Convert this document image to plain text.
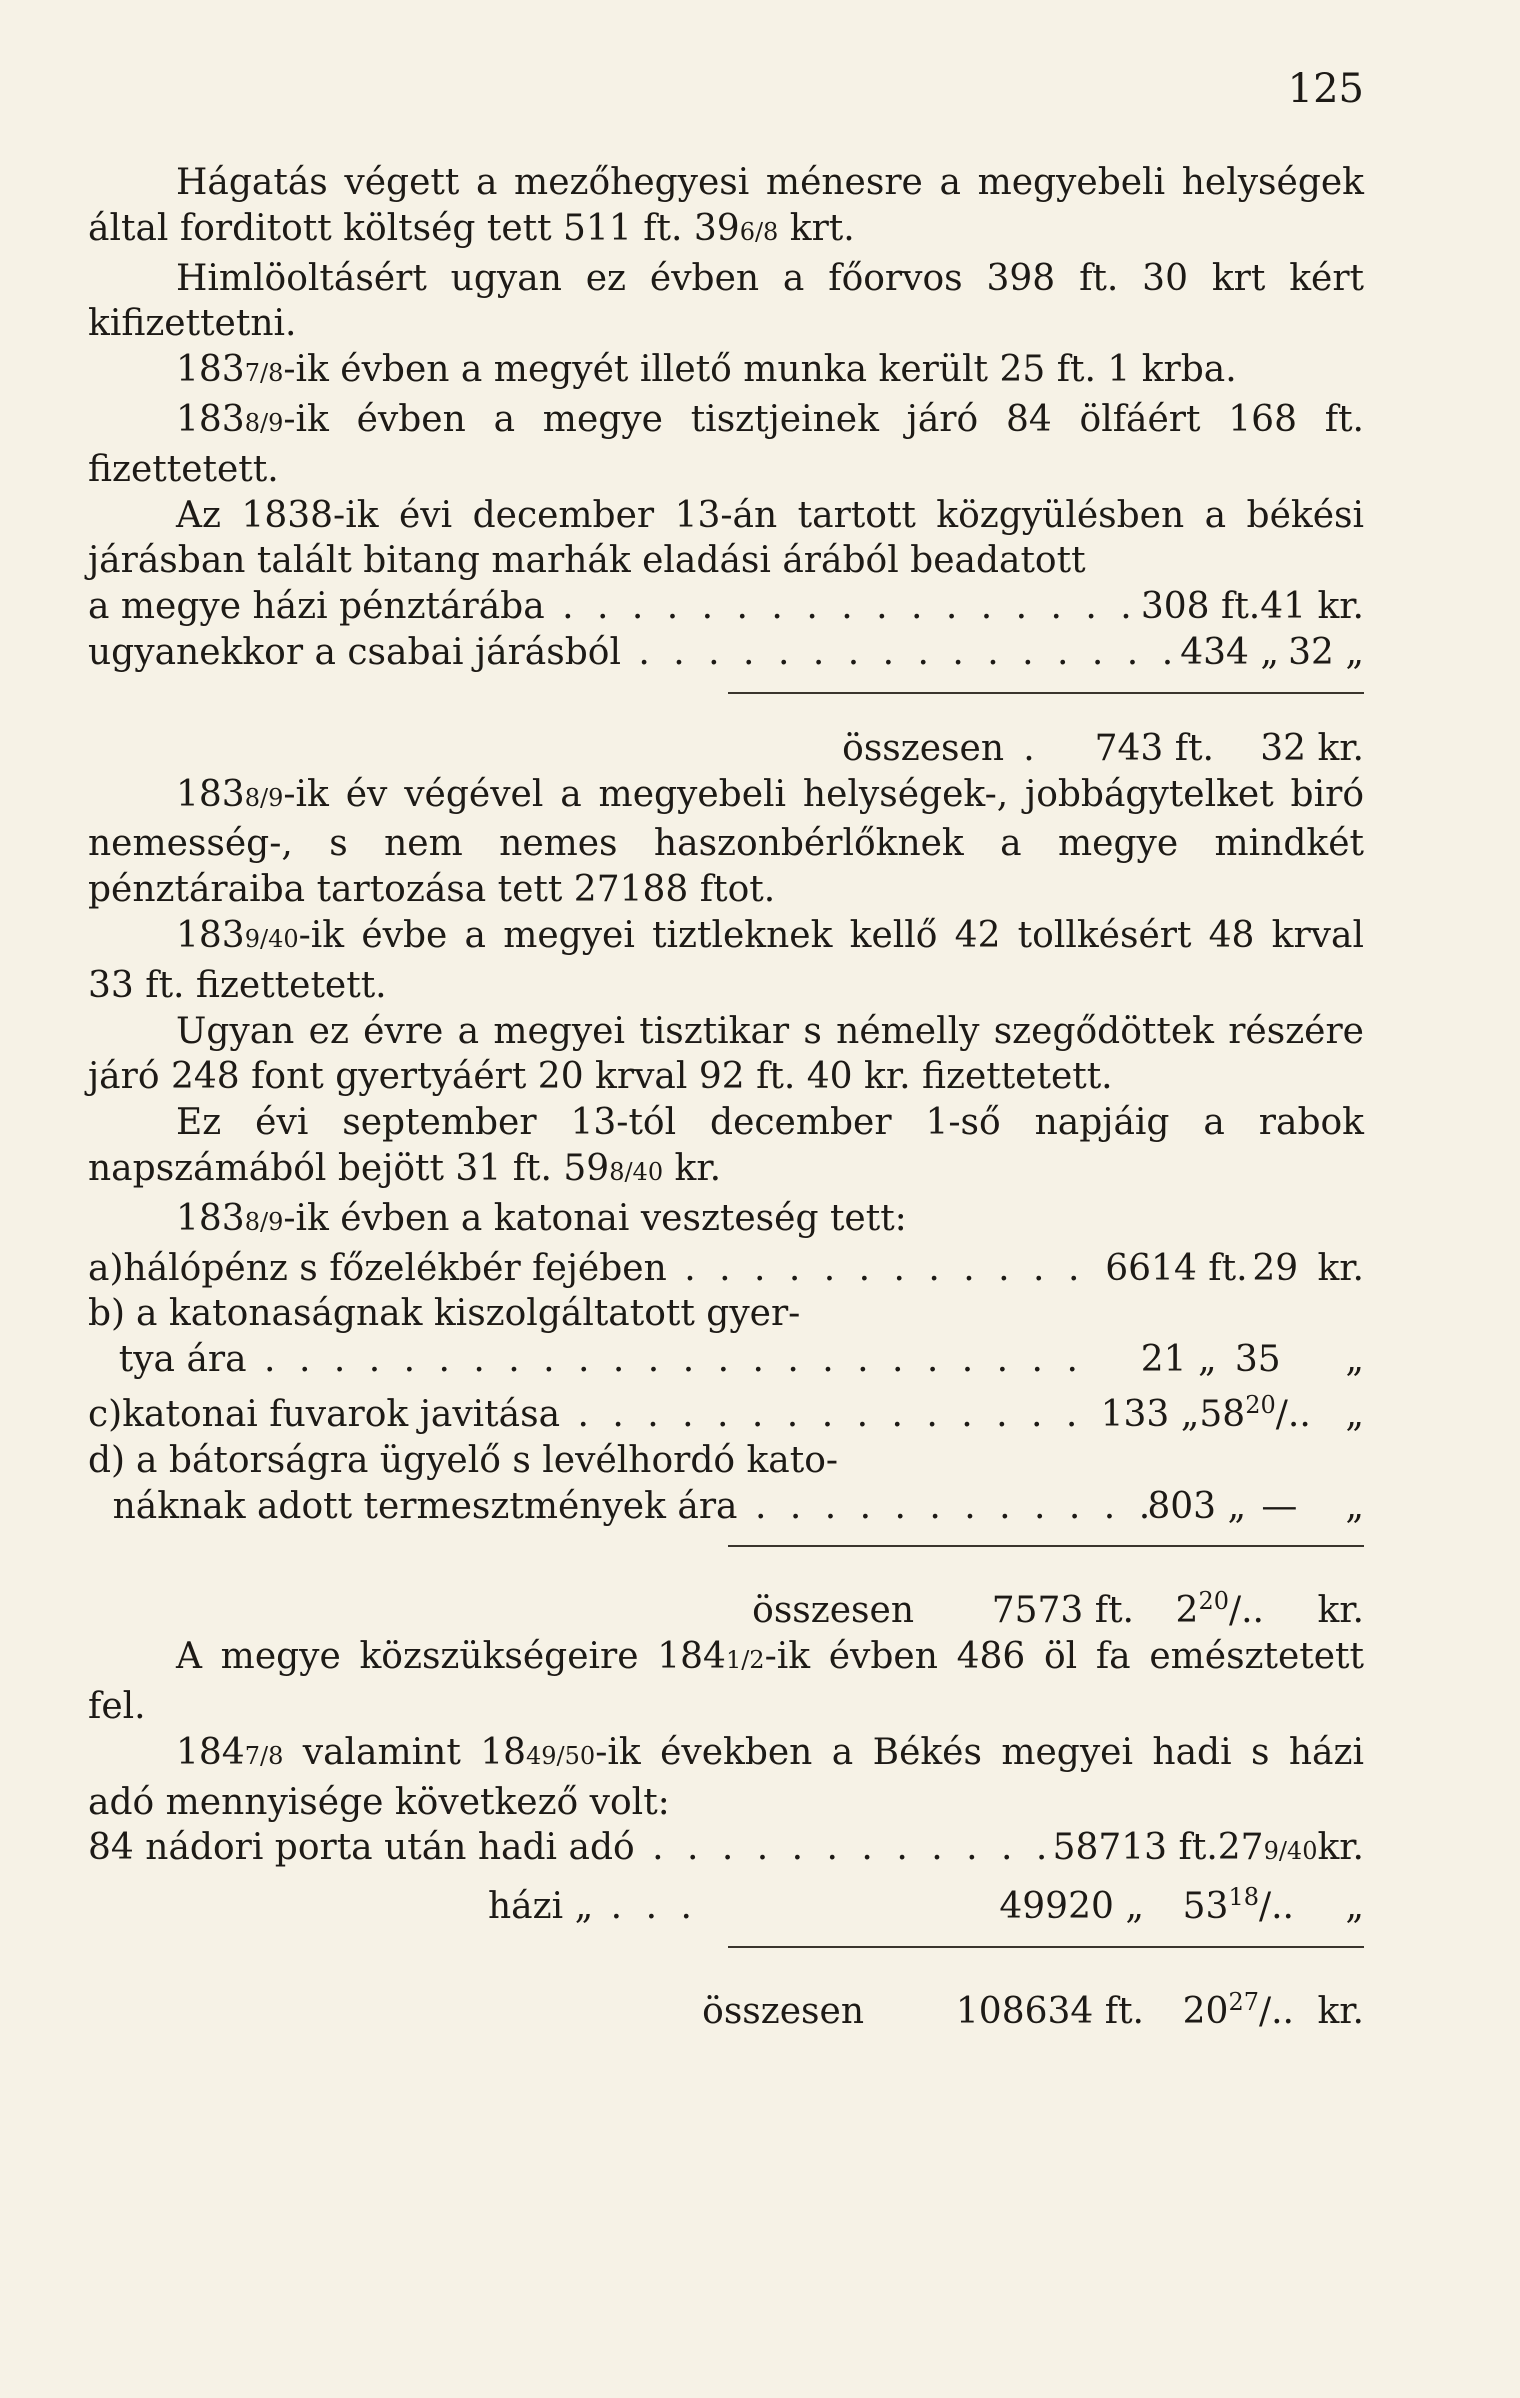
125

Hágatás végett a mezőhegyesi ménesre a megyebeli helységek által forditott költség tett 511 ft. 396/8 krt.

Himlöoltásért ugyan ez évben a főorvos 398 ft. 30 krt kért kifizettetni.

1837/8-ik évben a megyét illető munka került 25 ft. 1 krba.

1838/9-ik évben a megye tisztjeinek járó 84 ölfáért 168 ft. fizettetett.

Az 1838-ik évi december 13-án tartott közgyülésben a békési járásban talált bitang marhák eladási árából beadatott

a megye házi pénztárába . . .	308 ft. 41 kr.
ugyanekkor a csabai járásból . . .	434 „ 32 „
összesen .	743 ft.	32 kr.

1838/9-ik év végével a megyebeli helységek-, jobbágytelket biró nemesség-, s nem nemes haszonbérlőknek a megye mindkét pénztáraiba tartozása tett 27188 ftot.

1839/40-ik évbe a megyei tiztleknek kellő 42 tollkésért 48 krval 33 ft. fizettetett.

Ugyan ez évre a megyei tisztikar s némelly szegődöttek részére járó 248 font gyertyáért 20 krval 92 ft. 40 kr. fizettetett.

Ez évi september 13-tól december 1-ső napjáig a rabok napszámából bejött 31 ft. 598/40 kr.

1838/9-ik évben a katonai veszteség tett:

a) hálópénz s főzelékbér fejében . . .	6614 ft. 29 kr.
b) a katonaságnak kiszolgáltatott gyer-
tya ára . . .	21 „ 35	„
c) katonai fuvarok javitása . . .	133 „ $58^{20}/$.. „
d) a bátorságra ügyelő s levélhordó kato-
náknak adott termesztmények ára . . .	803 „ —	„
összesen	7573 ft.	$2^{20}/$..	kr.

A megye közszükségeire 1841/2-ik évben 486 öl fa emésztetett fel.

1847/8 valamint 1849/50-ik években a Békés megyei hadi s házi adó mennyisége következő volt:

84 nádori porta után hadi adó . . .	58713 ft. 279/40 kr.
házi „ . . .	49920 „	$53^{18}/$..	„
összesen	108634 ft.	$20^{27}/$.. kr.
